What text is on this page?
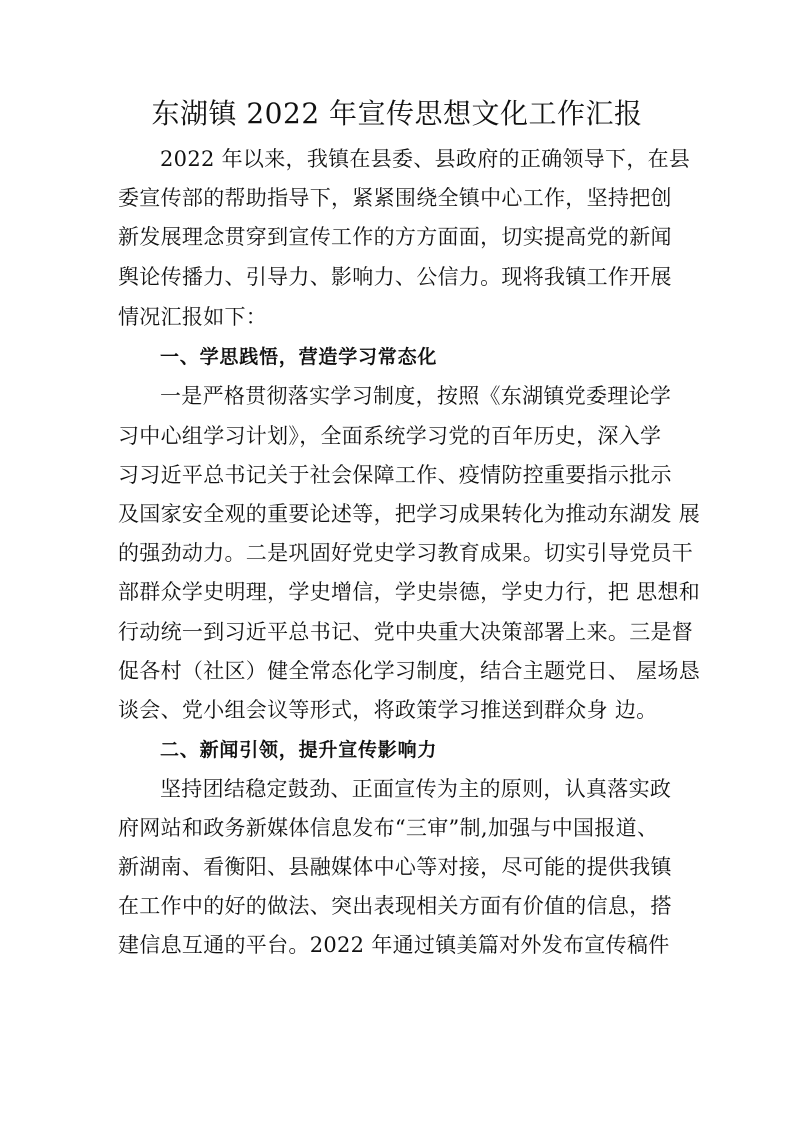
东湖镇 2022 年宣传思想文化工作汇报
2022 年以来，我镇在县委、县政府的正确领导下，在县
委宣传部的帮助指导下，紧紧围绕全镇中心工作，坚持把创
新发展理念贯穿到宣传工作的方方面面，切实提高党的新闻
舆论传播力、引导力、影响力、公信力。现将我镇工作开展
情况汇报如下：
一、学思践悟，营造学习常态化
一是严格贯彻落实学习制度，按照《东湖镇党委理论学
习中心组学习计划》，全面系统学习党的百年历史，深入学
习习近平总书记关于社会保障工作、疫情防控重要指示批示
及国家安全观的重要论述等，把学习成果转化为推动东湖发 展
的强劲动力。二是巩固好党史学习教育成果。切实引导党员干
部群众学史明理，学史增信，学史崇德，学史力行，把 思想和
行动统一到习近平总书记、党中央重大决策部署上来。三是督
促各村（社区）健全常态化学习制度，结合主题党日、 屋场恳
谈会、党小组会议等形式，将政策学习推送到群众身 边。
二、新闻引领，提升宣传影响力
坚持团结稳定鼓劲、正面宣传为主的原则，认真落实政
府网站和政务新媒体信息发布“三审”制,加强与中国报道、
新湖南、看衡阳、县融媒体中心等对接，尽可能的提供我镇
在工作中的好的做法、突出表现相关方面有价值的信息，搭
建信息互通的平台。2022 年通过镇美篇对外发布宣传稿件
